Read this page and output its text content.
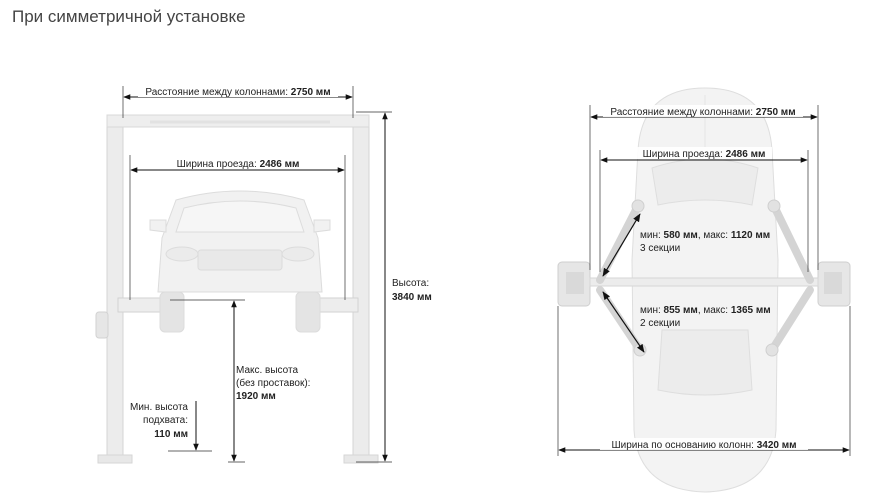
При симметричной установке
Расстояние между колоннами: 2750 мм
Ширина проезда: 2486 мм
Высота:
3840 мм
Макс. высота
(без проставок):
1920 мм
Мин. высота
подхвата:
110 мм
Расстояние между колоннами: 2750 мм
Ширина проезда: 2486 мм
мин: 580 мм, макс: 1120 мм
3 секции
мин: 855 мм, макс: 1365 мм
2 секции
Ширина по основанию колонн: 3420 мм
